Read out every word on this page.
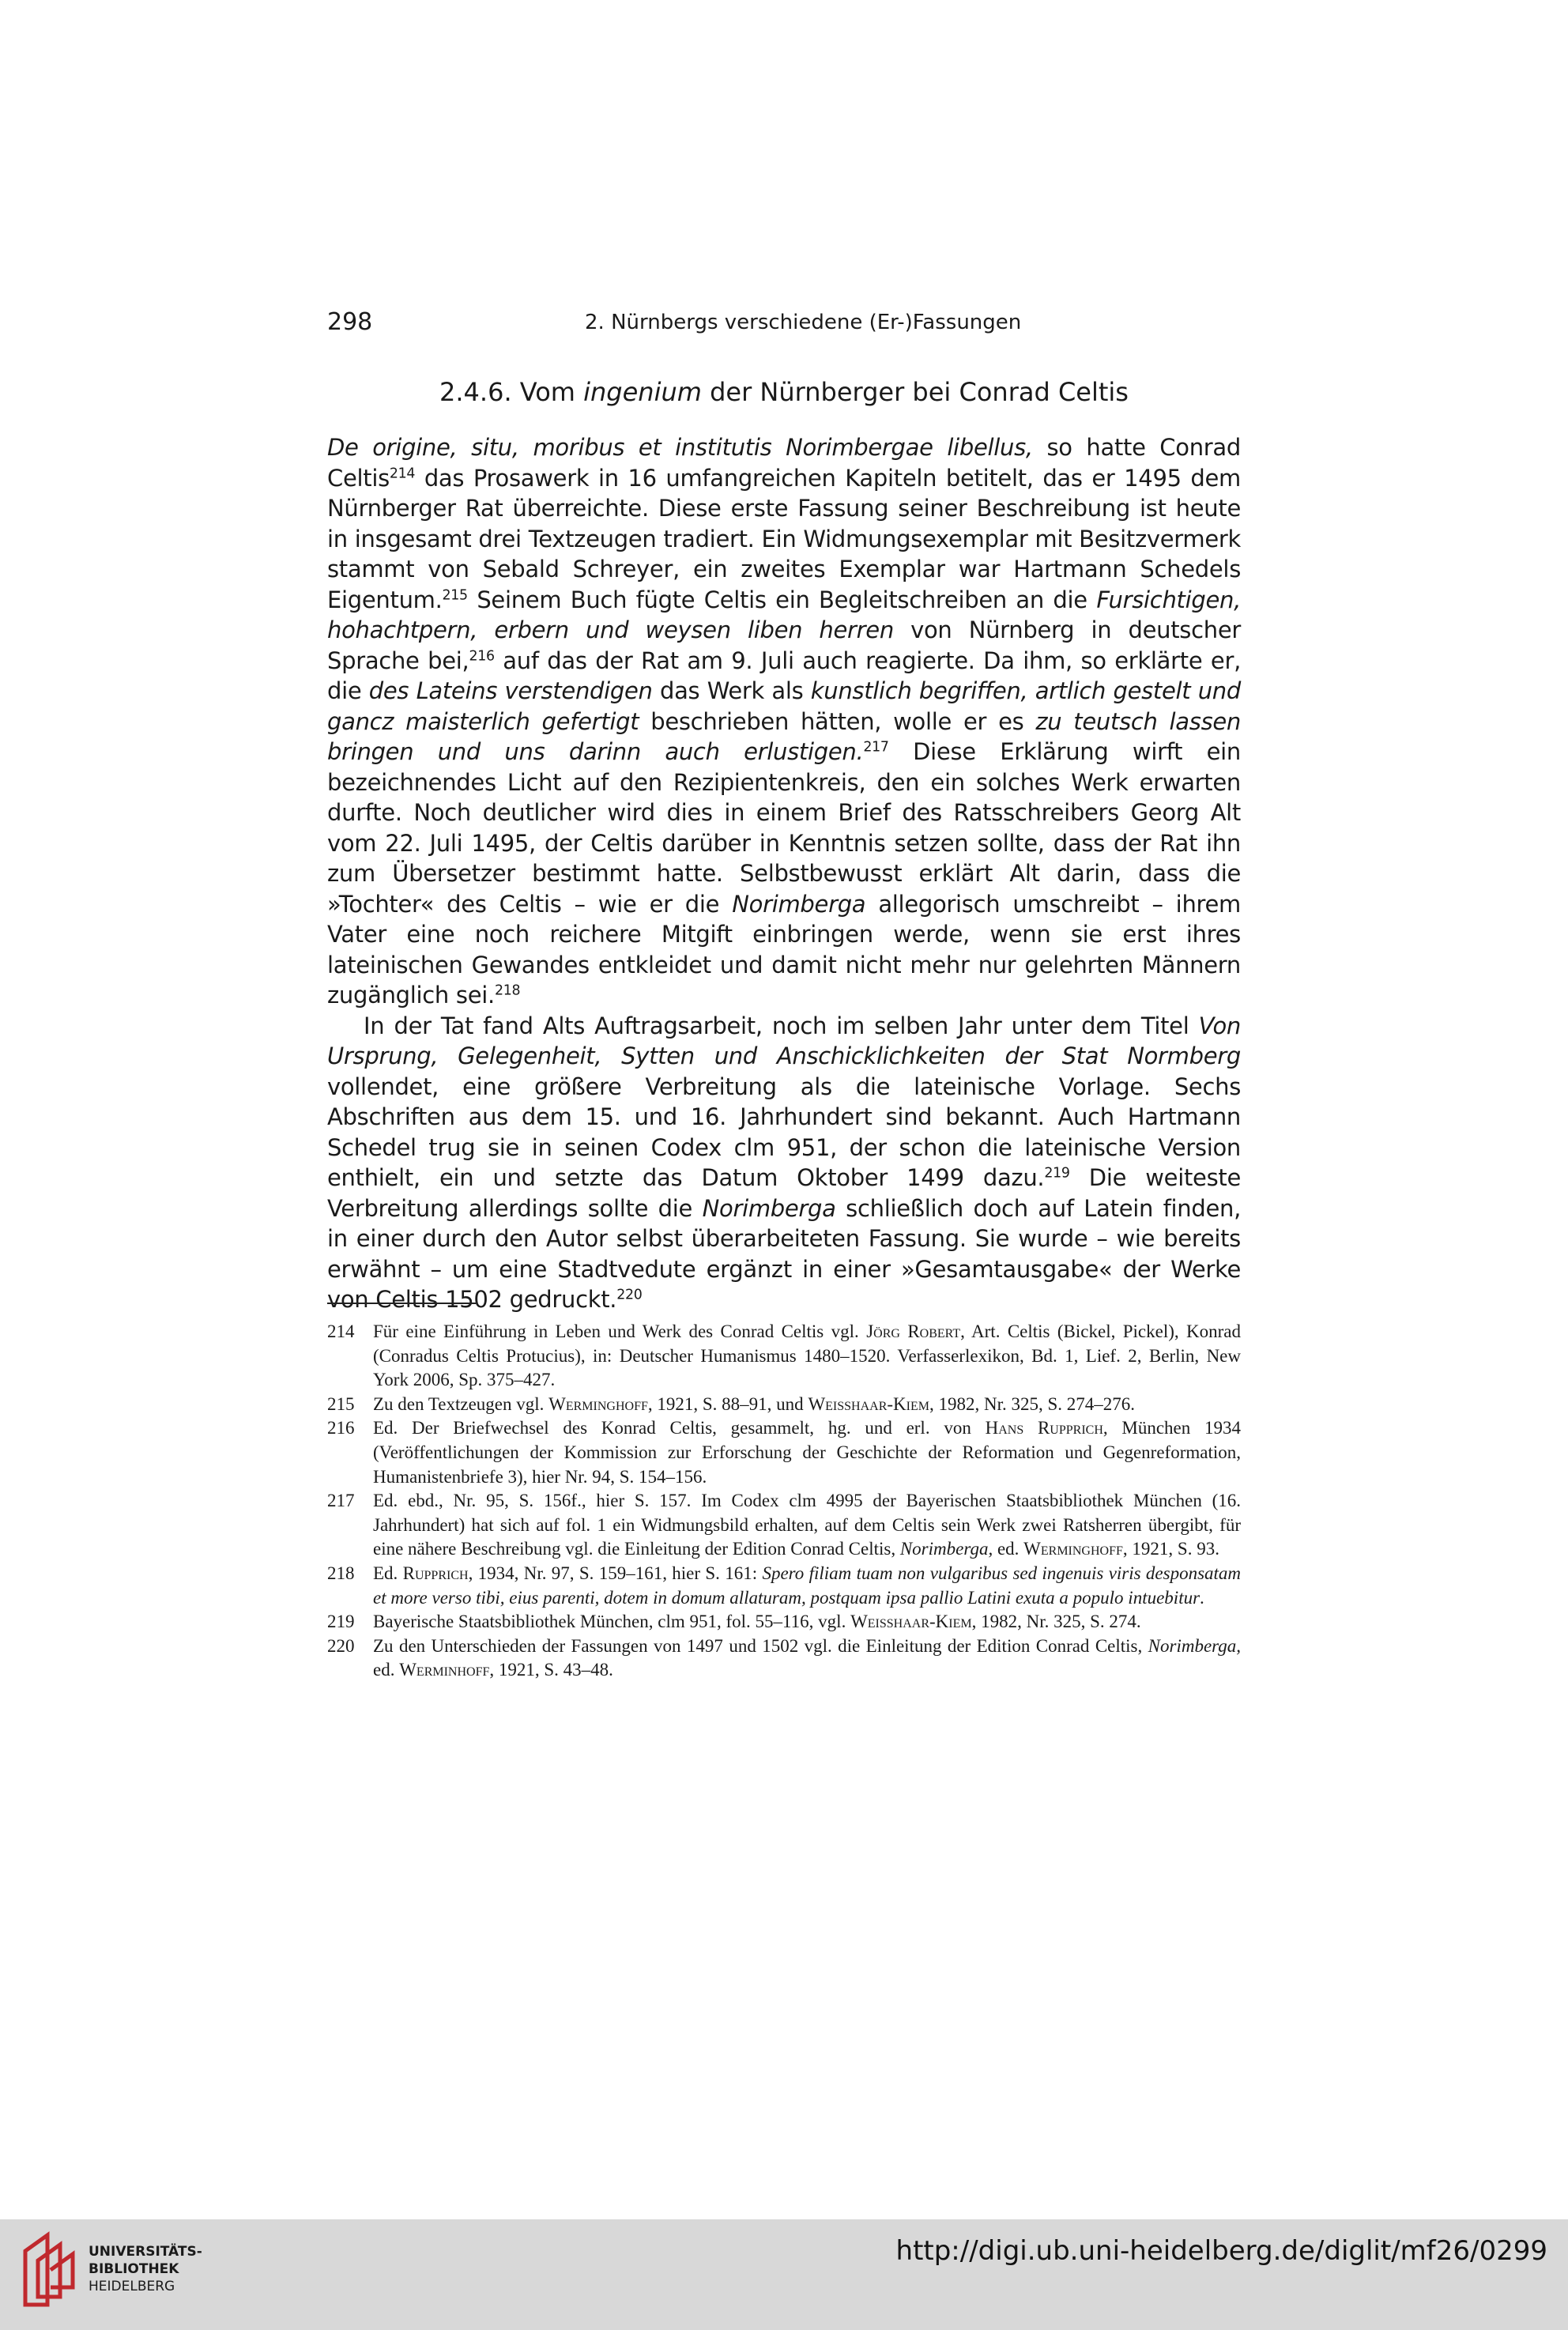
298	2. Nürnbergs verschiedene (Er-)Fassungen
2.4.6. Vom ingenium der Nürnberger bei Conrad Celtis

De origine, situ, moribus et institutis Norimbergae libellus, so hatte Conrad Celtis$^{214}$ das Prosawerk in 16 umfangreichen Kapiteln betitelt, das er 1495 dem Nürnberger Rat überreichte. Diese erste Fassung seiner Beschreibung ist heute in insgesamt drei Textzeugen tradiert. Ein Widmungsexemplar mit Besitzvermerk stammt von Sebald Schreyer, ein zweites Exemplar war Hartmann Schedels Eigentum.$^{215}$ Seinem Buch fügte Celtis ein Begleitschreiben an die Fursichtigen, hohachtpern, erbern und weysen liben herren von Nürnberg in deutscher Sprache bei,$^{216}$ auf das der Rat am 9. Juli auch reagierte. Da ihm, so erklärte er, die des Lateins verstendigen das Werk als kunstlich begriffen, artlich gestelt und gancz maisterlich gefertigt beschrieben hätten, wolle er es zu teutsch lassen bringen und uns darinn auch erlustigen.$^{217}$ Diese Erklärung wirft ein bezeichnendes Licht auf den Rezipientenkreis, den ein solches Werk erwarten durfte. Noch deutlicher wird dies in einem Brief des Ratsschreibers Georg Alt vom 22. Juli 1495, der Celtis darüber in Kenntnis setzen sollte, dass der Rat ihn zum Übersetzer bestimmt hatte. Selbstbewusst erklärt Alt darin, dass die »Tochter« des Celtis – wie er die Norimberga allegorisch umschreibt – ihrem Vater eine noch reichere Mitgift einbringen werde, wenn sie erst ihres lateinischen Gewandes entkleidet und damit nicht mehr nur gelehrten Männern zugänglich sei.$^{218}$

In der Tat fand Alts Auftragsarbeit, noch im selben Jahr unter dem Titel Von Ursprung, Gelegenheit, Sytten und Anschicklichkeiten der Stat Normberg vollendet, eine größere Verbreitung als die lateinische Vorlage. Sechs Abschriften aus dem 15. und 16. Jahrhundert sind bekannt. Auch Hartmann Schedel trug sie in seinen Codex clm 951, der schon die lateinische Version enthielt, ein und setzte das Datum Oktober 1499 dazu.$^{219}$ Die weiteste Verbreitung allerdings sollte die Norimberga schließlich doch auf Latein finden, in einer durch den Autor selbst überarbeiteten Fassung. Sie wurde – wie bereits erwähnt – um eine Stadtvedute ergänzt in einer »Gesamtausgabe« der Werke von Celtis 1502 gedruckt.$^{220}$

214	Für eine Einführung in Leben und Werk des Conrad Celtis vgl. Jörg Robert, Art. Celtis (Bickel, Pickel), Konrad (Conradus Celtis Protucius), in: Deutscher Humanismus 1480–1520. Verfasserlexikon, Bd. 1, Lief. 2, Berlin, New York 2006, Sp. 375–427.
215	Zu den Textzeugen vgl. Werminghoff, 1921, S. 88–91, und Weisshaar-Kiem, 1982, Nr. 325, S. 274–276.
216	Ed. Der Briefwechsel des Konrad Celtis, gesammelt, hg. und erl. von Hans Rupprich, München 1934 (Veröffentlichungen der Kommission zur Erforschung der Geschichte der Reformation und Gegenreformation, Humanistenbriefe 3), hier Nr. 94, S. 154–156.
217	Ed. ebd., Nr. 95, S. 156f., hier S. 157. Im Codex clm 4995 der Bayerischen Staatsbibliothek München (16. Jahrhundert) hat sich auf fol. 1 ein Widmungsbild erhalten, auf dem Celtis sein Werk zwei Ratsherren übergibt, für eine nähere Beschreibung vgl. die Einleitung der Edition Conrad Celtis, Norimberga, ed. Werminghoff, 1921, S. 93.
218	Ed. Rupprich, 1934, Nr. 97, S. 159–161, hier S. 161: Spero filiam tuam non vulgaribus sed ingenuis viris desponsatam et more verso tibi, eius parenti, dotem in domum allaturam, postquam ipsa pallio Latini exuta a populo intuebitur.
219	Bayerische Staatsbibliothek München, clm 951, fol. 55–116, vgl. Weisshaar-Kiem, 1982, Nr. 325, S. 274.
220	Zu den Unterschieden der Fassungen von 1497 und 1502 vgl. die Einleitung der Edition Conrad Celtis, Norimberga, ed. Werminhoff, 1921, S. 43–48.
UNIVERSITÄTS-
BIBLIOTHEK
HEIDELBERG
http://digi.ub.uni-heidelberg.de/diglit/mf26/0299
